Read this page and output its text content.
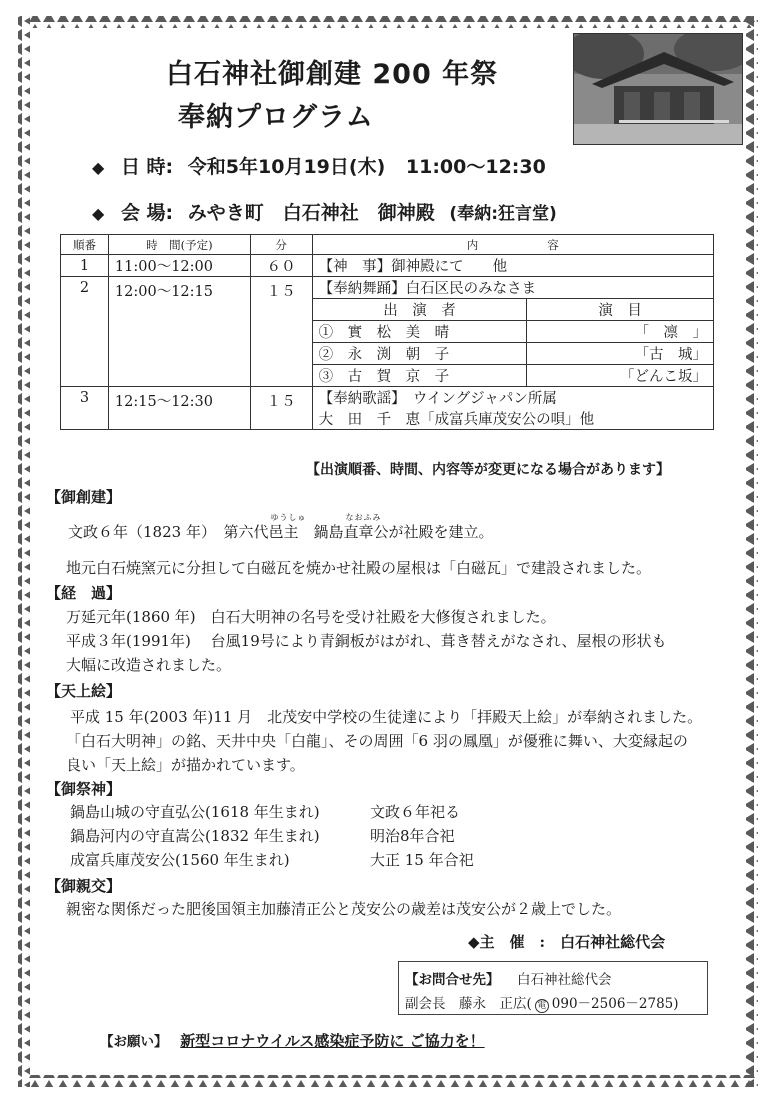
白石神社御創建 200 年祭
奉納プログラム
◆ 日 時: 令和5年10月19日(木) 11:00～12:30
◆ 会 場: みやき町　白石神社　御神殿 (奉納:狂言堂)
順番	時　間(予定)	分	内　　　　　　容	
1	11:00～12:00	６０	【神　事】御神殿にて　　他	
2	12:00～12:15	１５	【奉納舞踊】白石区民のみなさま	
			出　演　者	演　目
			①　實　松　美　晴	「　凛　」
			②　永　渕　朝　子	「古　城」
			③　古　賀　京　子	「どんこ坂」
3	12:15～12:30	１５	【奉納歌謡】　ウイングジャパン所属	
			大　田　千　恵「成富兵庫茂安公の唄」他	
【出演順番、時間、内容等が変更になる場合があります】
【御創建】
文政６年（1823 年）　第六代
ゆうしゅ
邑主　鍋島
なおふみ
直章公が社殿を建立。
地元白石焼窯元に分担して白磁瓦を焼かせ社殿の屋根は「白磁瓦」で建設されました。
【経　過】
万延元年(1860 年)　白石大明神の名号を受け社殿を大修復されました。
平成３年(1991年)　 台風19号により青銅板がはがれ、葺き替えがなされ、屋根の形状も
大幅に改造されました。
【天上絵】
平成 15 年(2003 年)11 月　北茂安中学校の生徒達により「拝殿天上絵」が奉納されました。
「白石大明神」の銘、天井中央「白龍」、その周囲「6 羽の鳳凰」が優雅に舞い、大変縁起の
良い「天上絵」が描かれています。
【御祭神】
鍋島山城の守直弘公(1618 年生まれ)	文政６年祀る
鍋島河内の守直嵩公(1832 年生まれ)	明治8年合祀
成富兵庫茂安公(1560 年生まれ)	大正 15 年合祀
【御親交】
親密な関係だった肥後国領主加藤清正公と茂安公の歳差は茂安公が２歳上でした。
◆主　催　:　白石神社総代会
【お問合せ先】 白石神社総代会
副会長　藤永　正広( 電 090－2506－2785)
【お願い】 新型コロナウイルス感染症予防に ご協力を！
